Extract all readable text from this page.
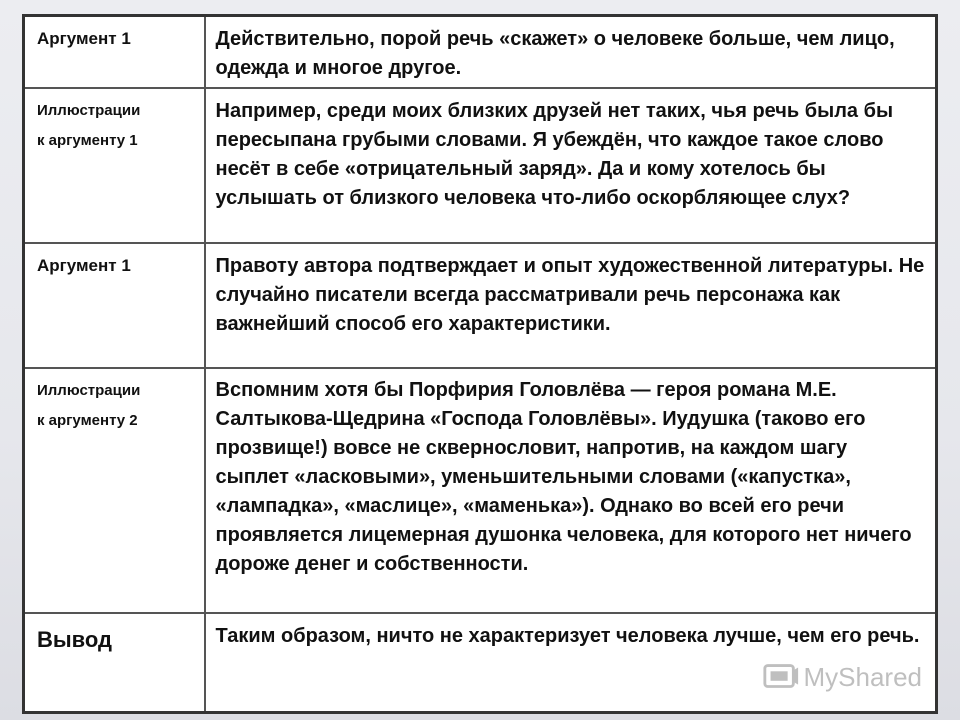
Аргумент 1	Действительно, порой речь «скажет» о человеке больше, чем лицо, одежда и многое другое.

Иллюстрации
к аргументу 1	Например, среди моих близких друзей нет таких, чья речь была бы пересыпана грубыми словами. Я убеждён, что каждое такое слово несёт в себе «отрицательный заряд». Да и кому хотелось бы услышать от близкого человека что-либо оскорбляющее слух?

Аргумент 1	Правоту автора подтверждает и опыт художественной литературы. Не случайно писатели всегда рассматривали речь персонажа как важнейший способ его характеристики.

Иллюстрации
к аргументу 2	Вспомним хотя бы Порфирия Головлёва — героя романа М.Е. Салтыкова-Щедрина «Господа Головлёвы». Иудушка (таково его прозвище!) вовсе не сквернословит, напротив, на каждом шагу сыплет «ласковыми», уменьшительными словами («капустка», «лампадка», «маслице», «маменька»). Однако во всей его речи проявляется лицемерная душонка человека, для которого нет ничего дороже денег и собственности.

Вывод	Таким образом, ничто не характеризует человека лучше, чем его речь.
MyShared
